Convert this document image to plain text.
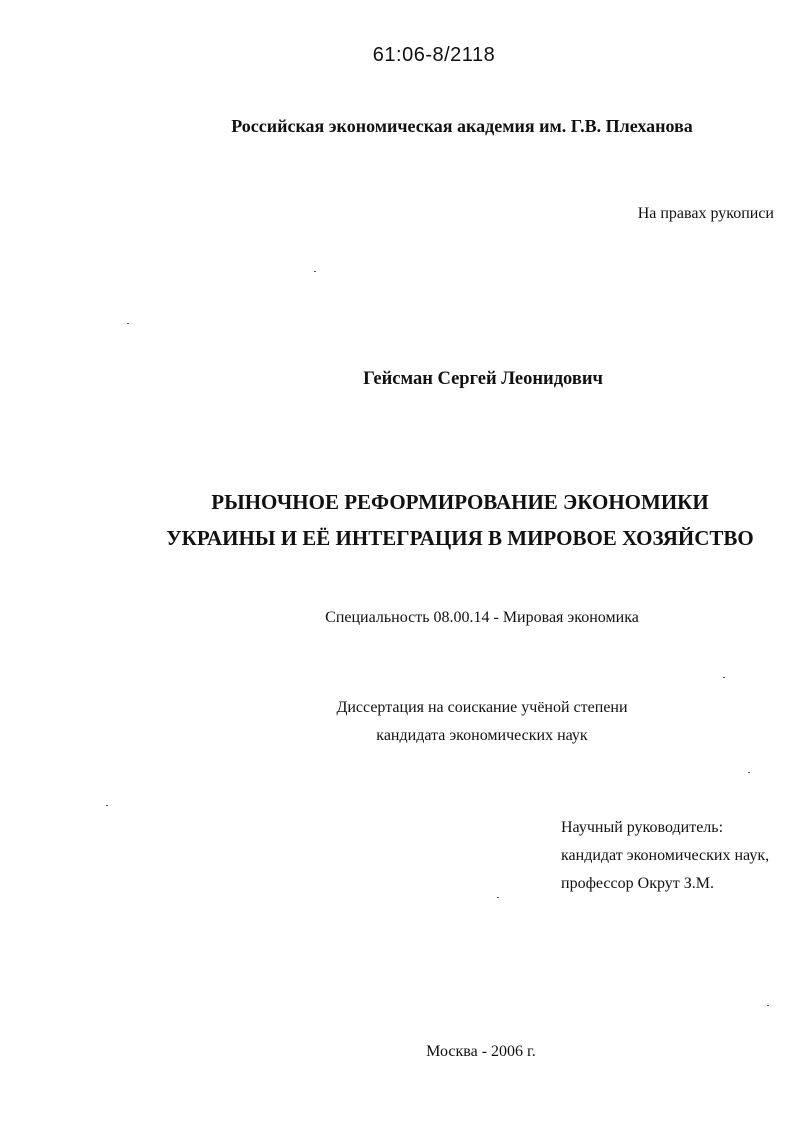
61:06-8/2118
Российская экономическая академия им. Г.В. Плеханова
На правах рукописи
Гейсман Сергей Леонидович
РЫНОЧНОЕ РЕФОРМИРОВАНИЕ ЭКОНОМИКИ
УКРАИНЫ И ЕЁ ИНТЕГРАЦИЯ В МИРОВОЕ ХОЗЯЙСТВО
Специальность 08.00.14 - Мировая экономика
Диссертация на соискание учёной степени
кандидата экономических наук
Научный руководитель:
кандидат экономических наук,
профессор Окрут З.М.
Москва - 2006 г.
